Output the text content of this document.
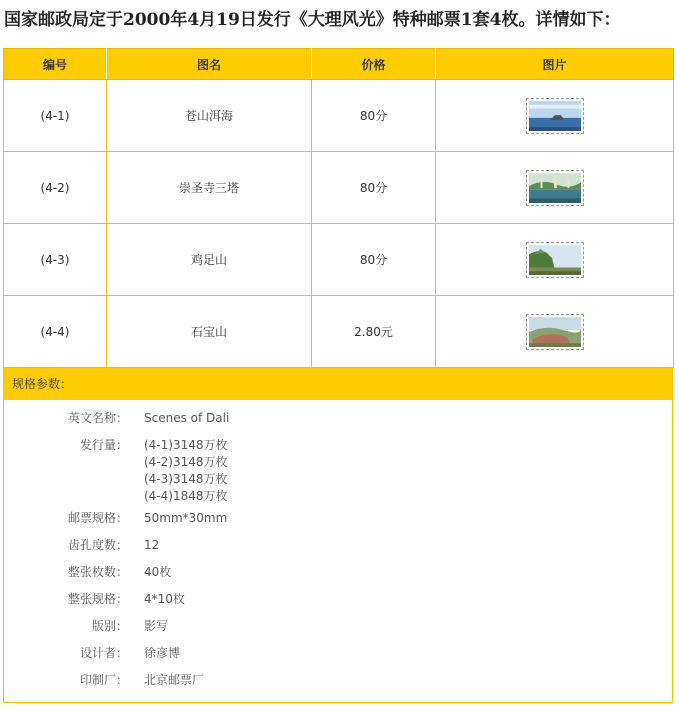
国家邮政局定于2000年4月19日发行《大理风光》特种邮票1套4枚。详情如下：
编号	图名	价格	图片
(4-1)	苍山洱海	80分	

(4-2)	崇圣寺三塔	80分	

(4-3)	鸡足山	80分	

(4-4)	石宝山	2.80元	
规格参数：
英文名称： Scenes of Dali
发行量： (4-1)3148万枚
(4-2)3148万枚
(4-3)3148万枚
(4-4)1848万枚
邮票规格： 50mm*30mm
齿孔度数： 12
整张枚数： 40枚
整张规格： 4*10枚
版别： 影写
设计者： 徐彦博
印制厂： 北京邮票厂
